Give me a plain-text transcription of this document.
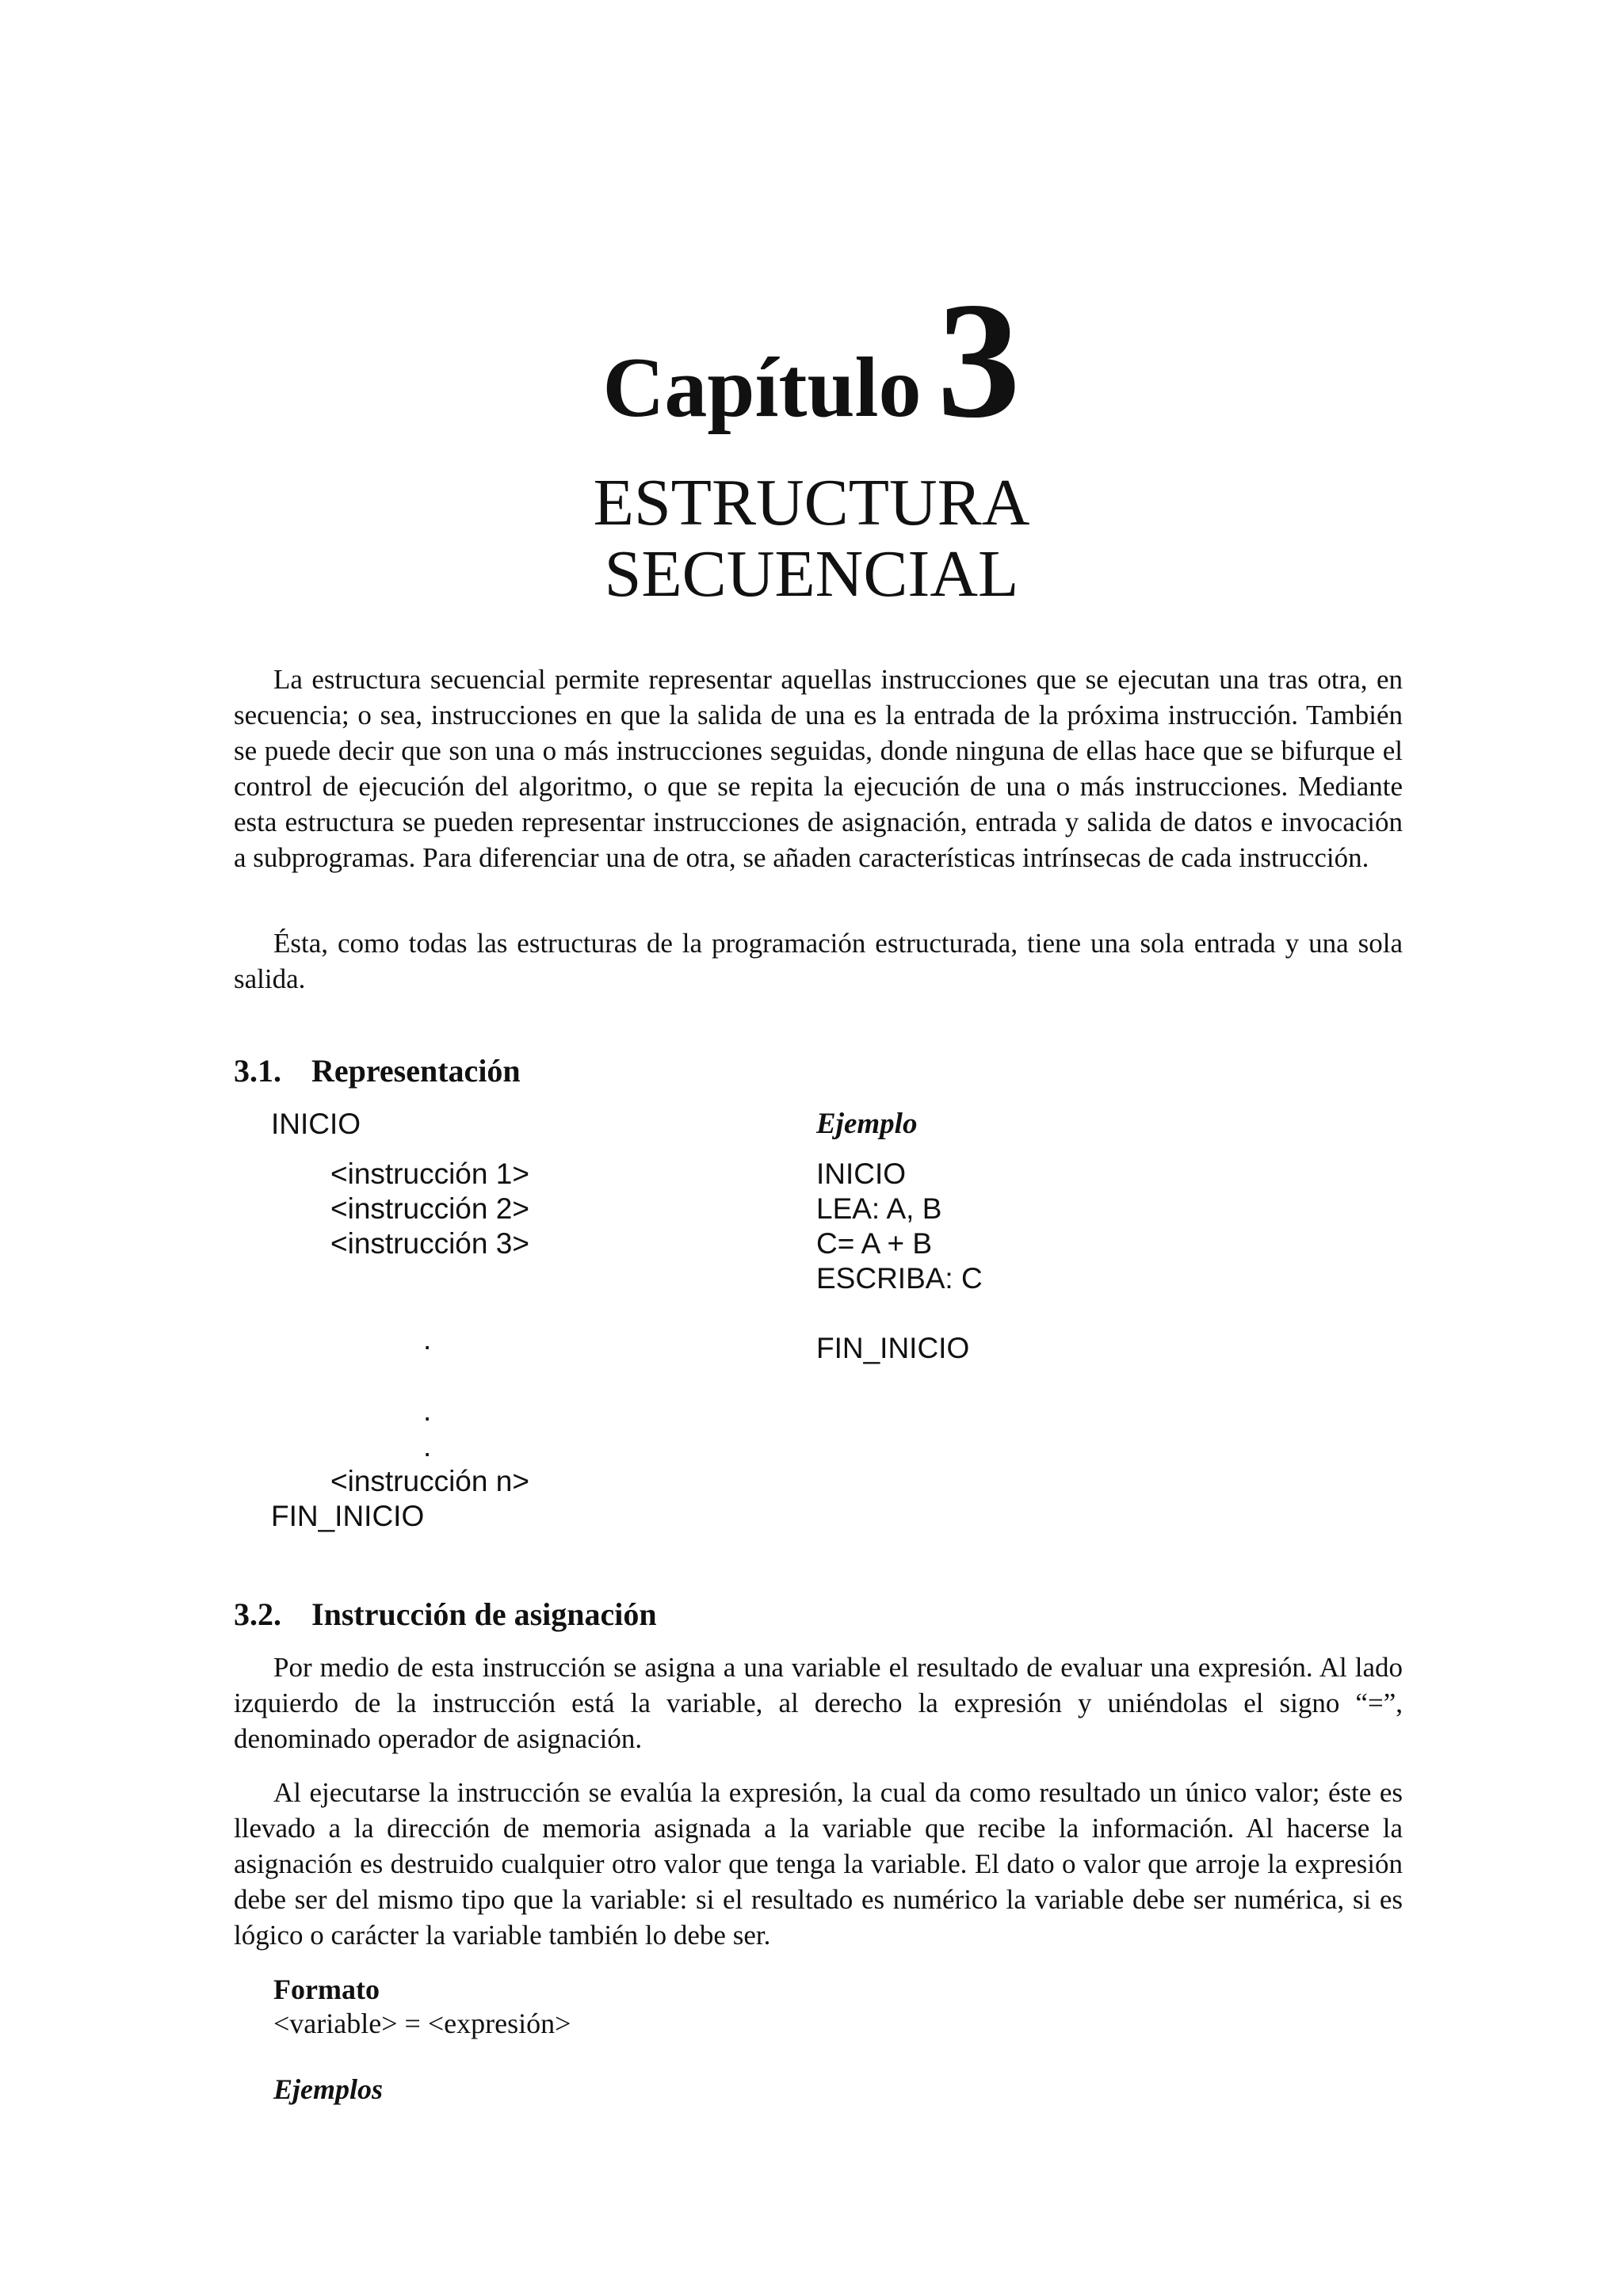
Capítulo3
ESTRUCTURA
SECUENCIAL

La estructura secuencial permite representar aquellas instrucciones que se ejecutan una tras otra, en secuencia; o sea, instrucciones en que la salida de una es la entrada de la próxima instrucción. También se puede decir que son una o más instrucciones seguidas, donde ninguna de ellas hace que se bifurque el control de ejecución del algoritmo, o que se repita la ejecución de una o más instrucciones. Mediante esta estructura se pueden representar instrucciones de asignación, entrada y salida de datos e invocación a subprogramas. Para diferenciar una de otra, se añaden características intrínsecas de cada instrucción.

Ésta, como todas las estructuras de la programación estructurada, tiene una sola entrada y una sola salida.

3.1. Representación
INICIO
<instrucción 1>
<instrucción 2>
<instrucción 3>
.
.
.
<instrucción n>
FIN_INICIO
Ejemplo
INICIO
LEA: A, B
C= A + B
ESCRIBA: C
FIN_INICIO
3.2. Instrucción de asignación

Por medio de esta instrucción se asigna a una variable el resultado de evaluar una expresión. Al lado izquierdo de la instrucción está la variable, al derecho la expresión y uniéndolas el signo “=”, denominado operador de asignación.

Al ejecutarse la instrucción se evalúa la expresión, la cual da como resultado un único valor; éste es llevado a la dirección de memoria asignada a la variable que recibe la información. Al hacerse la asignación es destruido cualquier otro valor que tenga la variable. El dato o valor que arroje la expresión debe ser del mismo tipo que la variable: si el resultado es numérico la variable debe ser numérica, si es lógico o carácter la variable también lo debe ser.

Formato
<variable> = <expresión>
Ejemplos
